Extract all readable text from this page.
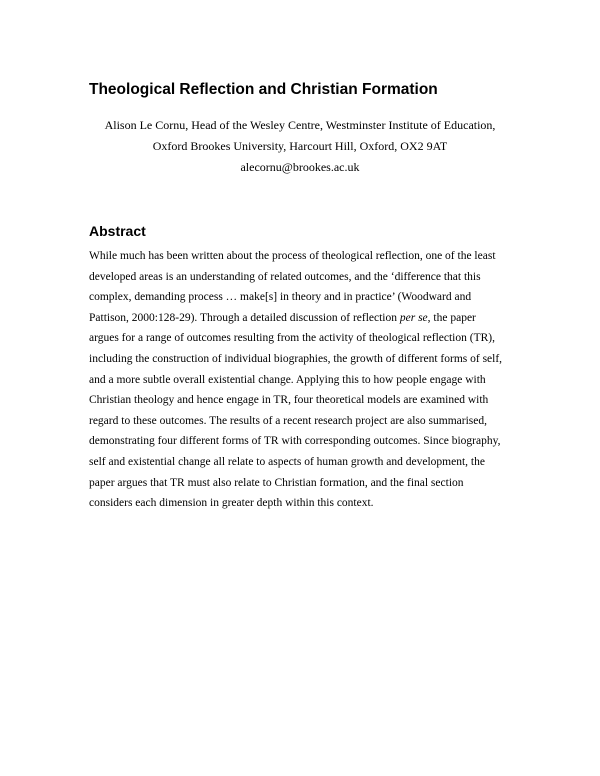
Theological Reflection and Christian Formation
Alison Le Cornu, Head of the Wesley Centre, Westminster Institute of Education,
Oxford Brookes University, Harcourt Hill, Oxford, OX2 9AT
alecornu@brookes.ac.uk
Abstract

While much has been written about the process of theological reflection, one of the least
developed areas is an understanding of related outcomes, and the ‘difference that this
complex, demanding process … make[s] in theory and in practice’ (Woodward and
Pattison, 2000:128-29). Through a detailed discussion of reflection per se, the paper
argues for a range of outcomes resulting from the activity of theological reflection (TR),
including the construction of individual biographies, the growth of different forms of self,
and a more subtle overall existential change. Applying this to how people engage with
Christian theology and hence engage in TR, four theoretical models are examined with
regard to these outcomes. The results of a recent research project are also summarised,
demonstrating four different forms of TR with corresponding outcomes. Since biography,
self and existential change all relate to aspects of human growth and development, the
paper argues that TR must also relate to Christian formation, and the final section
considers each dimension in greater depth within this context.
